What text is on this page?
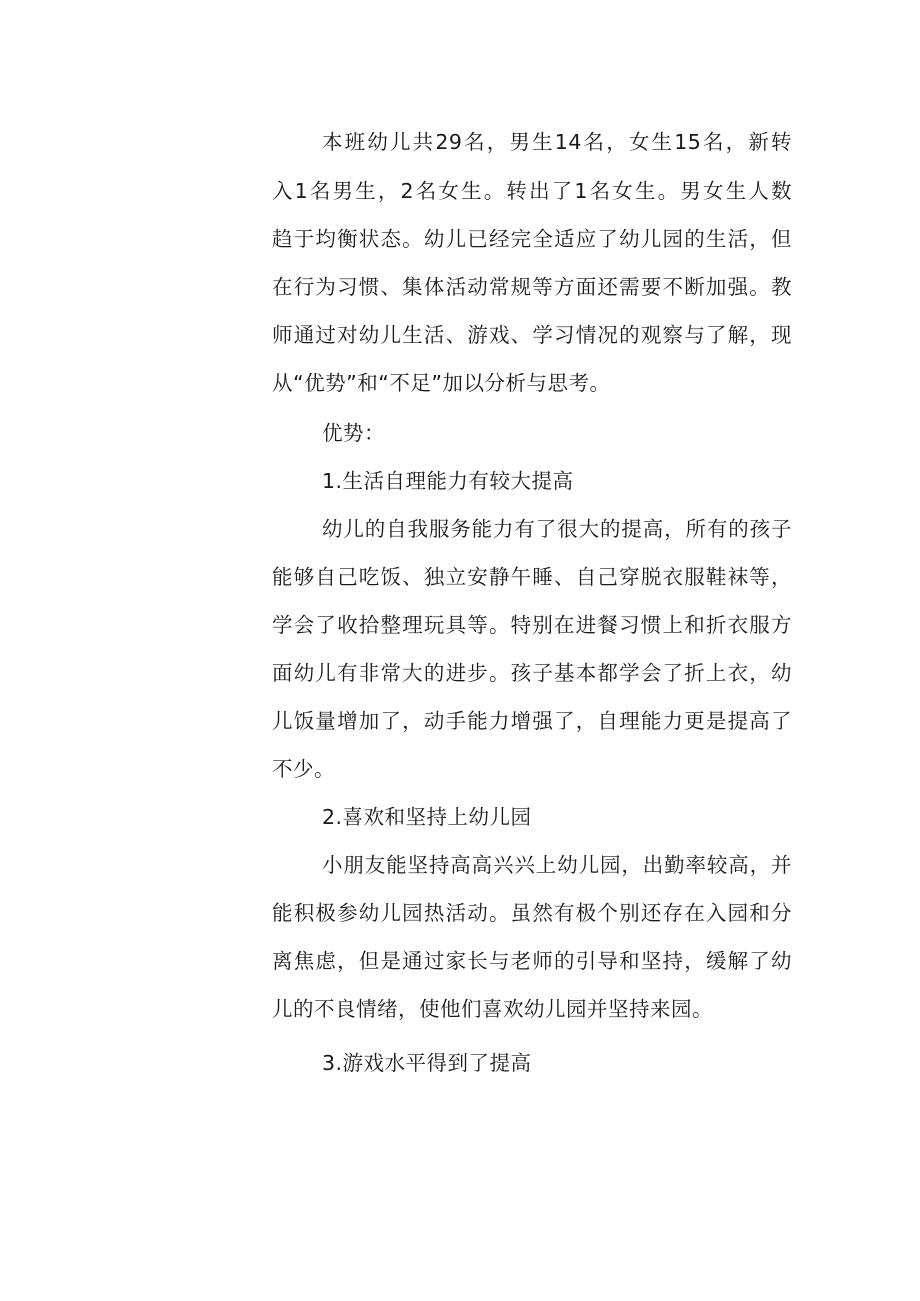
本班幼儿共29名，男生14名，女生15名，新转
入1名男生，2名女生。转出了1名女生。男女生人数
趋于均衡状态。幼儿已经完全适应了幼儿园的生活，但
在行为习惯、集体活动常规等方面还需要不断加强。教
师通过对幼儿生活、游戏、学习情况的观察与了解，现
从“优势”和“不足”加以分析与思考。
优势：
1.生活自理能力有较大提高
幼儿的自我服务能力有了很大的提高，所有的孩子
能够自己吃饭、独立安静午睡、自己穿脱衣服鞋袜等，
学会了收拾整理玩具等。特别在进餐习惯上和折衣服方
面幼儿有非常大的进步。孩子基本都学会了折上衣，幼
儿饭量增加了，动手能力增强了，自理能力更是提高了
不少。
2.喜欢和坚持上幼儿园
小朋友能坚持高高兴兴上幼儿园，出勤率较高，并
能积极参幼儿园热活动。虽然有极个别还存在入园和分
离焦虑，但是通过家长与老师的引导和坚持，缓解了幼
儿的不良情绪，使他们喜欢幼儿园并坚持来园。
3.游戏水平得到了提高
